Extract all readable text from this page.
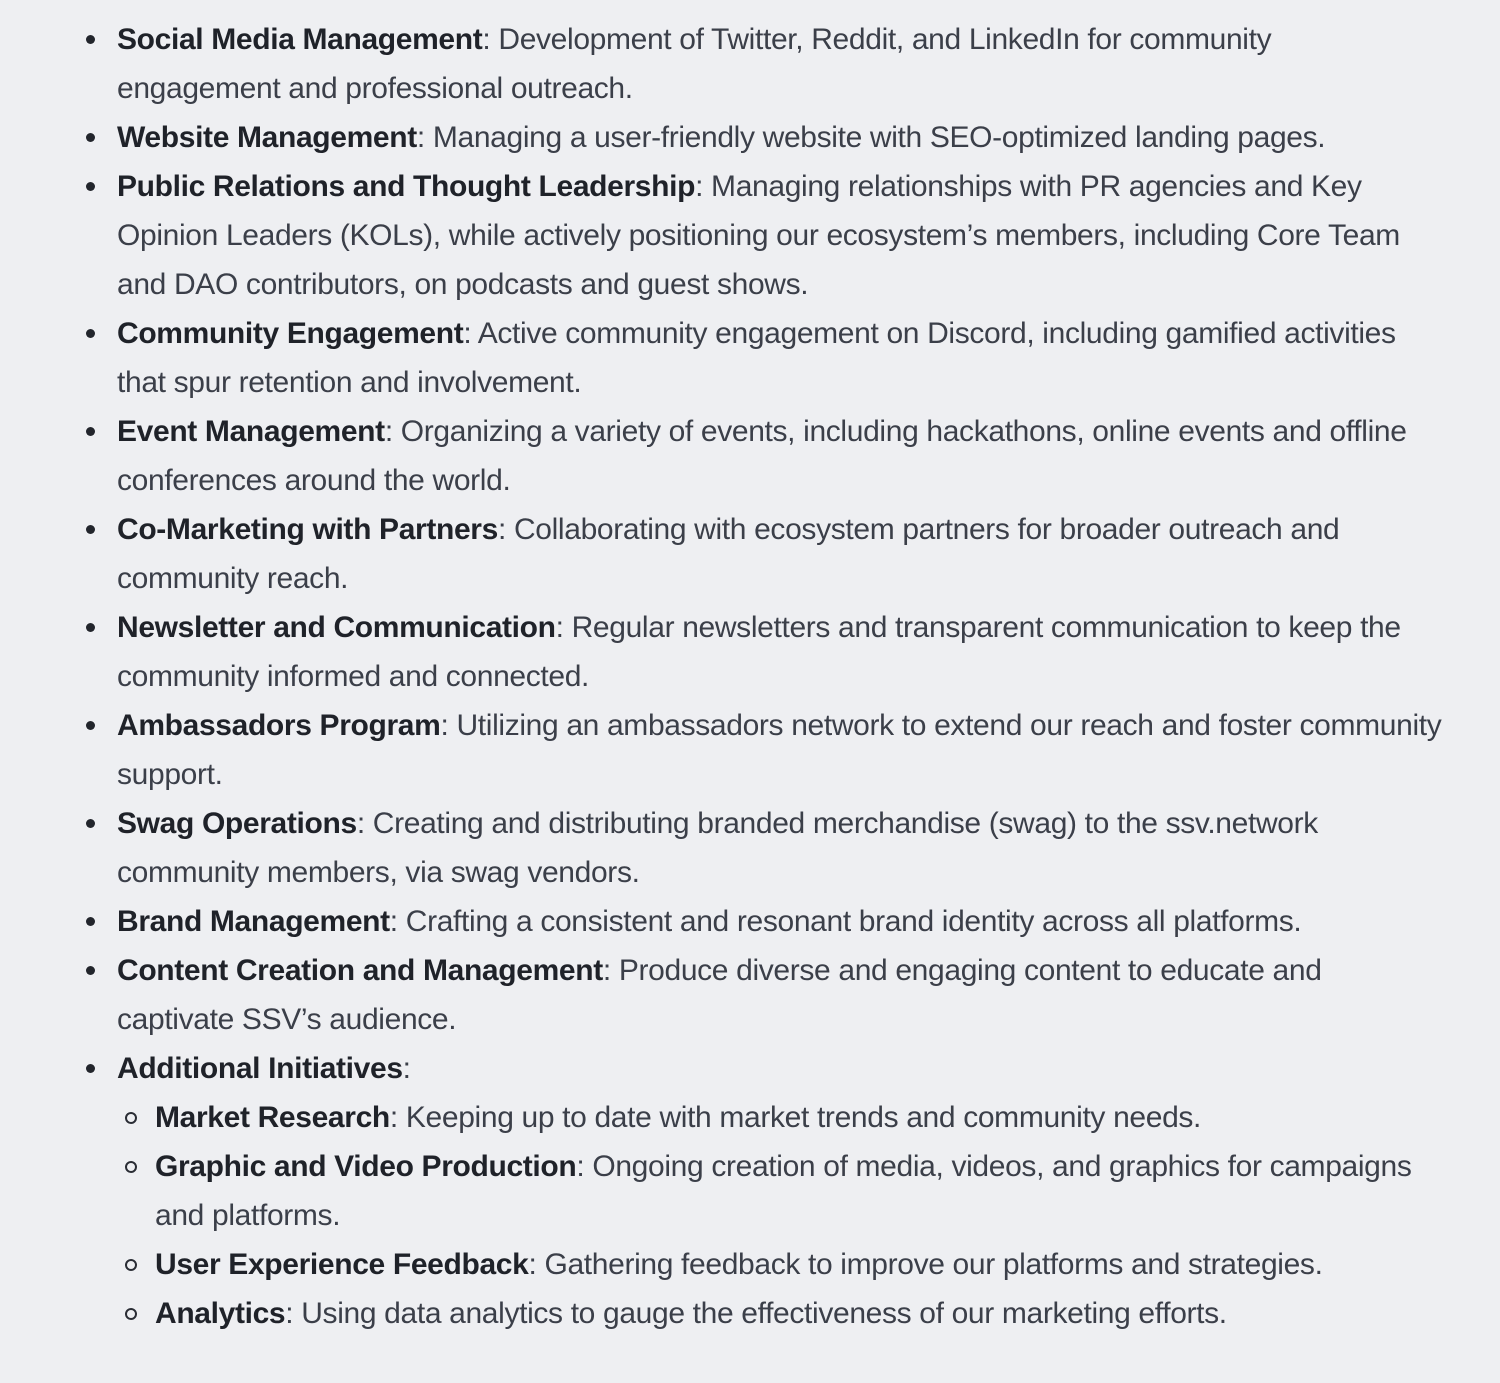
Social Media Management: Development of Twitter, Reddit, and LinkedIn for community engagement and professional outreach.
Website Management: Managing a user-friendly website with SEO-optimized landing pages.
Public Relations and Thought Leadership: Managing relationships with PR agencies and Key Opinion Leaders (KOLs), while actively positioning our ecosystem’s members, including Core Team and DAO contributors, on podcasts and guest shows.
Community Engagement: Active community engagement on Discord, including gamified activities that spur retention and involvement.
Event Management: Organizing a variety of events, including hackathons, online events and offline conferences around the world.
Co-Marketing with Partners: Collaborating with ecosystem partners for broader outreach and community reach.
Newsletter and Communication: Regular newsletters and transparent communication to keep the community informed and connected.
Ambassadors Program: Utilizing an ambassadors network to extend our reach and foster community support.
Swag Operations: Creating and distributing branded merchandise (swag) to the ssv.network community members, via swag vendors.
Brand Management: Crafting a consistent and resonant brand identity across all platforms.
Content Creation and Management: Produce diverse and engaging content to educate and captivate SSV’s audience.
Additional Initiatives:
Market Research: Keeping up to date with market trends and community needs.
Graphic and Video Production: Ongoing creation of media, videos, and graphics for campaigns and platforms.
User Experience Feedback: Gathering feedback to improve our platforms and strategies.
Analytics: Using data analytics to gauge the effectiveness of our marketing efforts.
